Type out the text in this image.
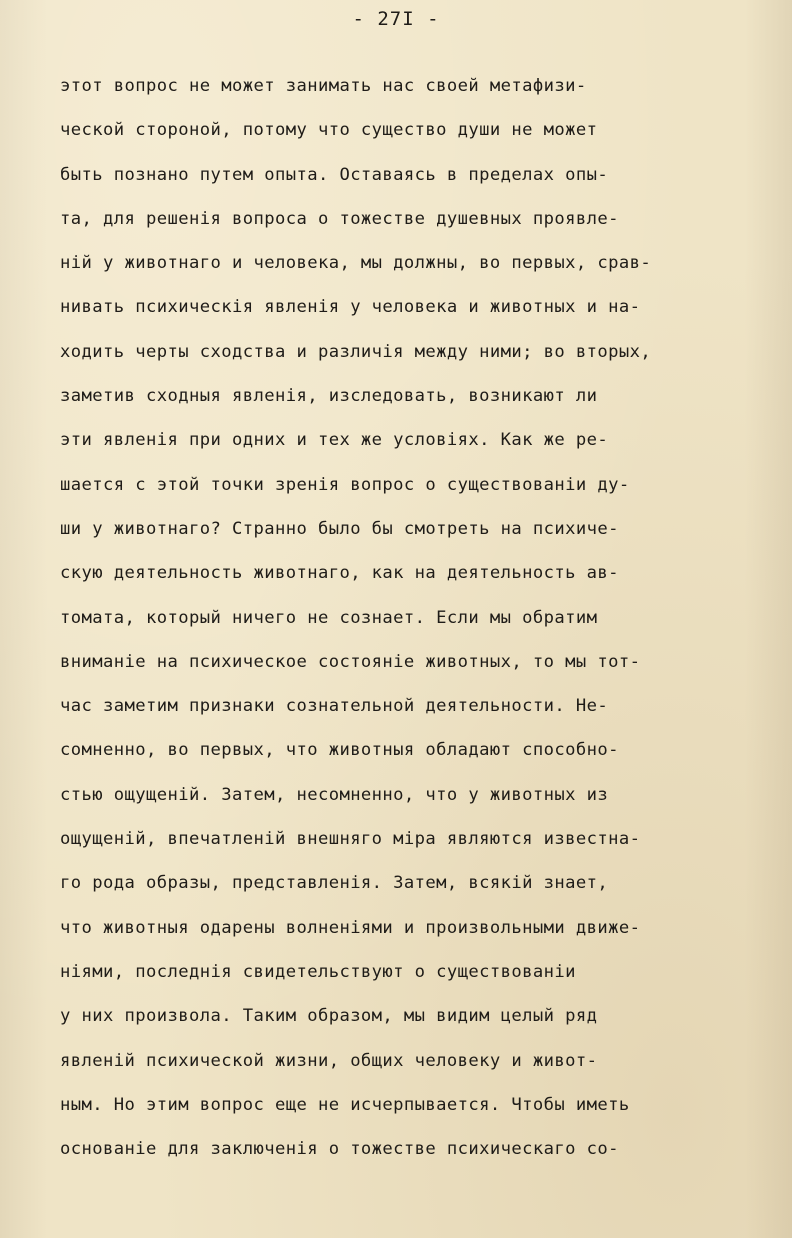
- 27I -
этот вопрос не может занимать нас своей метафизи-
ческой стороной, потому что существо души не может
быть познано путем опыта. Оставаясь в пределах опы-
та, для решенія вопроса о тожестве душевных проявле-
ній у животнаго и человека, мы должны, во первых, срав-
нивать психическія явленія у человека и животных и на-
ходить черты сходства и различія между ними; во вторых,
заметив сходныя явленія, изследовать, возникают ли
эти явленія при одних и тех же условіях. Как же ре-
шается с этой точки зренія вопрос о существованіи ду-
ши у животнаго? Странно было бы смотреть на психиче-
скую деятельность животнаго, как на деятельность ав-
томата, который ничего не сознает. Если мы обратим
вниманіе на психическое состояніе животных, то мы тот-
час заметим признаки сознательной деятельности. Не-
сомненно, во первых, что животныя обладают способно-
стью ощущеній. Затем, несомненно, что у животных из
ощущеній, впечатленій внешняго міра являются известна-
го рода образы, представленія. Затем, всякій знает,
что животныя одарены волненіями и произвольными движе-
ніями, последнія свидетельствуют о существованіи
у них произвола. Таким образом, мы видим целый ряд
явленій психической жизни, общих человеку и живот-
ным. Но этим вопрос еще не исчерпывается. Чтобы иметь
основаніе для заключенія о тожестве психическаго со-
